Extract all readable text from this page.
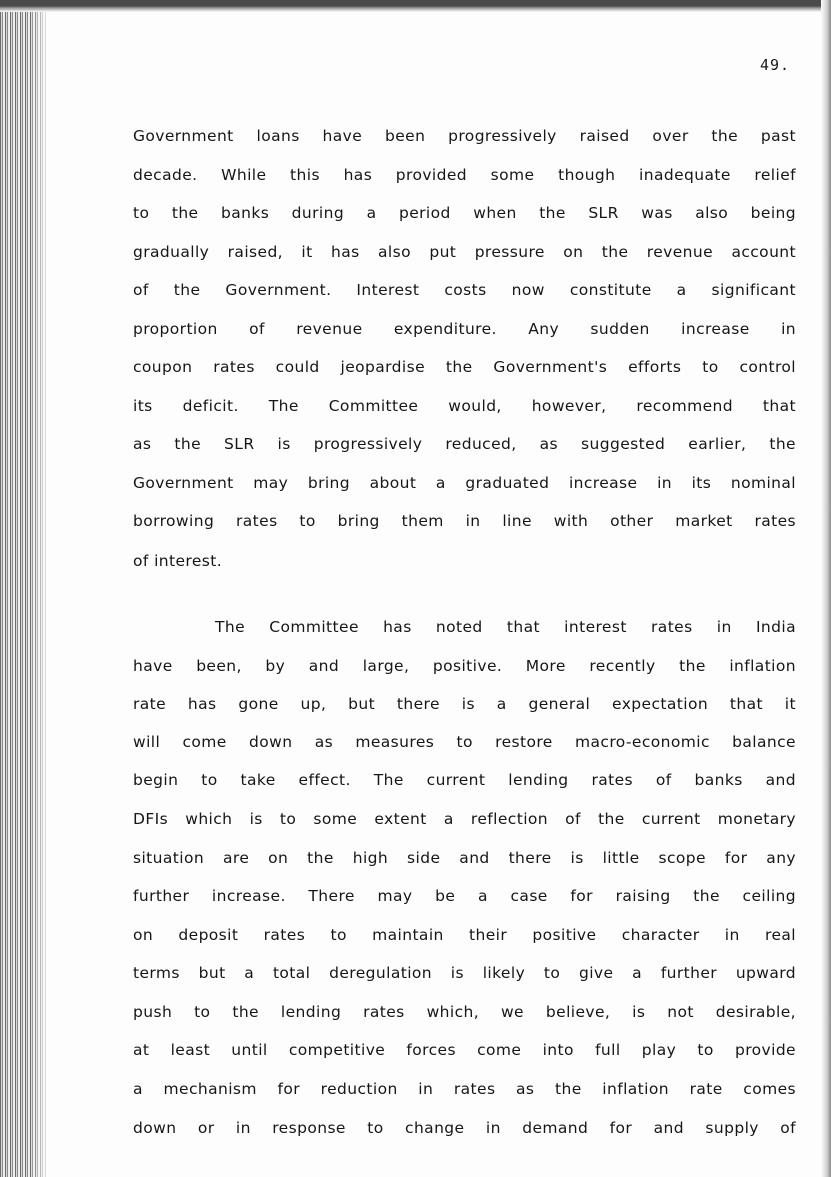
49.
Government loans have been progressively raised over the past
decade. While this has provided some though inadequate relief
to the banks during a period when the SLR was also being
gradually raised, it has also put pressure on the revenue account
of the Government. Interest costs now constitute a significant
proportion of revenue expenditure. Any sudden increase in
coupon rates could jeopardise the Government's efforts to control
its deficit. The Committee would, however, recommend that
as the SLR is progressively reduced, as suggested earlier, the
Government may bring about a graduated increase in its nominal
borrowing rates to bring them in line with other market rates
of interest.
The Committee has noted that interest rates in India
have been, by and large, positive. More recently the inflation
rate has gone up, but there is a general expectation that it
will come down as measures to restore macro-economic balance
begin to take effect. The current lending rates of banks and
DFIs which is to some extent a reflection of the current monetary
situation are on the high side and there is little scope for any
further increase. There may be a case for raising the ceiling
on deposit rates to maintain their positive character in real
terms but a total deregulation is likely to give a further upward
push to the lending rates which, we believe, is not desirable,
at least until competitive forces come into full play to provide
a mechanism for reduction in rates as the inflation rate comes
down or in response to change in demand for and supply of
